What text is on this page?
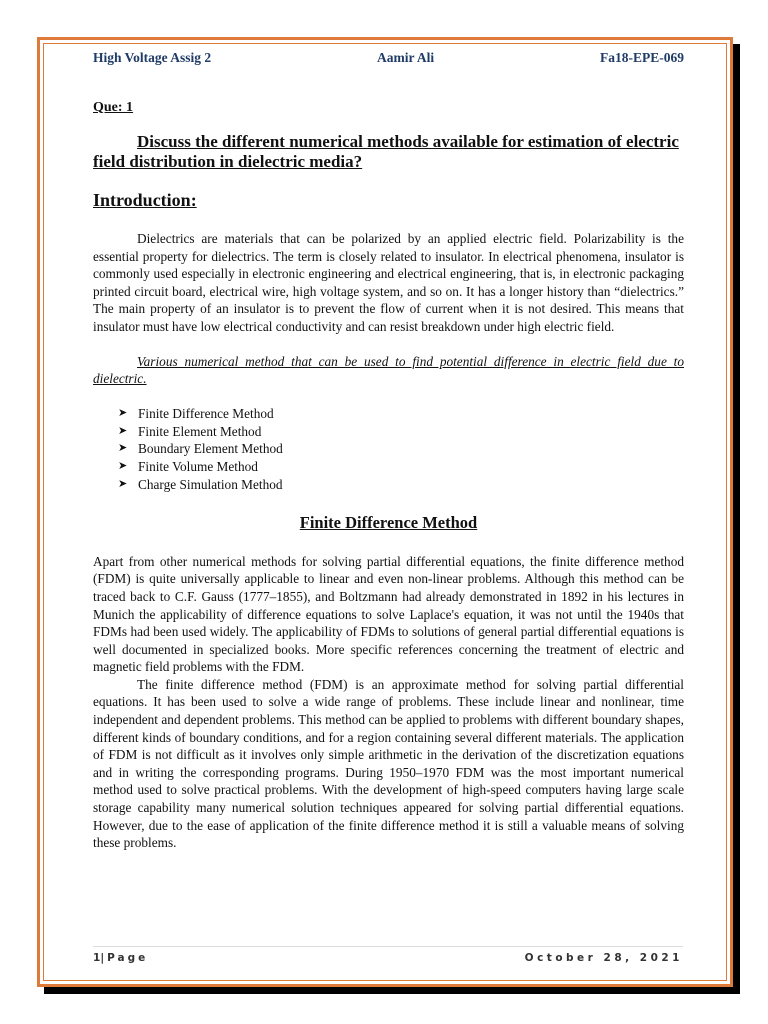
High Voltage Assig 2	Aamir Ali	Fa18-EPE-069
Que: 1
Discuss the different numerical methods available for estimation of electric field distribution in dielectric media?
Introduction:

Dielectrics are materials that can be polarized by an applied electric field. Polarizability is the essential property for dielectrics. The term is closely related to insulator. In electrical phenomena, insulator is commonly used especially in electronic engineering and electrical engineering, that is, in electronic packaging printed circuit board, electrical wire, high voltage system, and so on. It has a longer history than “dielectrics.” The main property of an insulator is to prevent the flow of current when it is not desired. This means that insulator must have low electrical conductivity and can resist breakdown under high electric field.

Various numerical method that can be used to find potential difference in electric field due to dielectric.

➤ Finite Difference Method
➤ Finite Element Method
➤ Boundary Element Method
➤ Finite Volume Method
➤ Charge Simulation Method
Finite Difference Method

Apart from other numerical methods for solving partial differential equations, the finite difference method (FDM) is quite universally applicable to linear and even non-linear problems. Although this method can be traced back to C.F. Gauss (1777–1855), and Boltzmann had already demonstrated in 1892 in his lectures in Munich the applicability of difference equations to solve Laplace's equation, it was not until the 1940s that FDMs had been used widely. The applicability of FDMs to solutions of general partial differential equations is well documented in specialized books. More specific references concerning the treatment of electric and magnetic field problems with the FDM.

The finite difference method (FDM) is an approximate method for solving partial differential equations. It has been used to solve a wide range of problems. These include linear and nonlinear, time independent and dependent problems. This method can be applied to problems with different boundary shapes, different kinds of boundary conditions, and for a region containing several different materials. The application of FDM is not difficult as it involves only simple arithmetic in the derivation of the discretization equations and in writing the corresponding programs. During 1950–1970 FDM was the most important numerical method used to solve practical problems. With the development of high-speed computers having large scale storage capability many numerical solution techniques appeared for solving partial differential equations. However, due to the ease of application of the finite difference method it is still a valuable means of solving these problems.

1|Page	October 28, 2021
